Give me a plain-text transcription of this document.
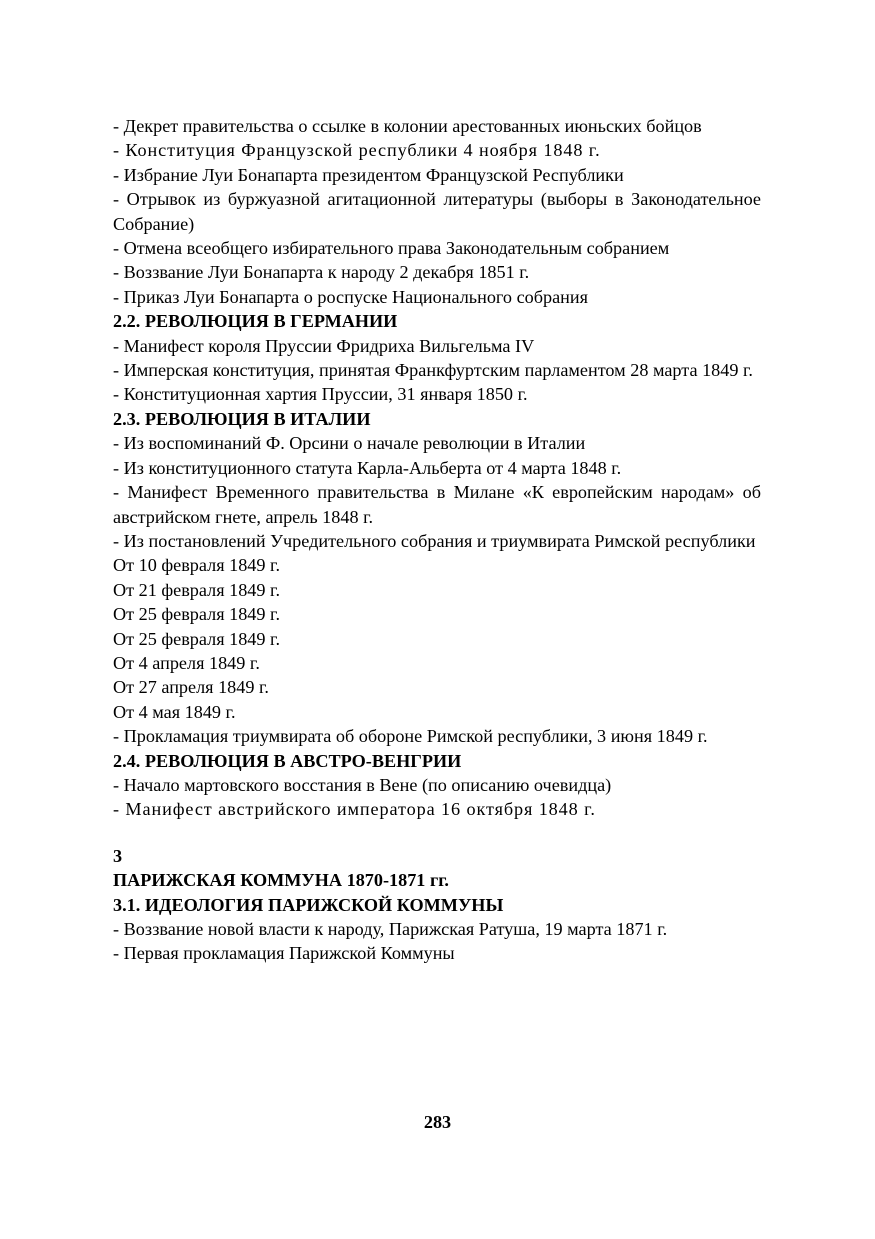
- Декрет правительства о ссылке в колонии арестованных июньских бойцов

- Конституция Французской республики 4 ноября 1848 г.

- Избрание Луи Бонапарта президентом Французской Республики

- Отрывок из буржуазной агитационной литературы (выборы в Законодательное Собрание)

- Отмена всеобщего избирательного права Законодательным собранием

- Воззвание Луи Бонапарта к народу 2 декабря 1851 г.

- Приказ Луи Бонапарта о роспуске Национального собрания

2.2. РЕВОЛЮЦИЯ В ГЕРМАНИИ

- Манифест короля Пруссии Фридриха Вильгельма IV

- Имперская конституция, принятая Франкфуртским парламентом 28 марта 1849 г.

- Конституционная хартия Пруссии, 31 января 1850 г.

2.3. РЕВОЛЮЦИЯ В ИТАЛИИ

- Из воспоминаний Ф. Орсини о начале революции в Италии

- Из конституционного статута Карла-Альберта от 4 марта 1848 г.

- Манифест Временного правительства в Милане «К европейским народам» об австрийском гнете, апрель 1848 г.

- Из постановлений Учредительного собрания и триумвирата Римской республики

От 10 февраля 1849 г.

От 21 февраля 1849 г.

От 25 февраля 1849 г.

От 25 февраля 1849 г.

От 4 апреля 1849 г.

От 27 апреля 1849 г.

От 4 мая 1849 г.

- Прокламация триумвирата об обороне Римской республики, 3 июня 1849 г.

2.4. РЕВОЛЮЦИЯ В АВСТРО-ВЕНГРИИ

- Начало мартовского восстания в Вене (по описанию очевидца)

- Манифест австрийского императора 16 октября 1848 г.

3

ПАРИЖСКАЯ КОММУНА 1870-1871 гг.

3.1. ИДЕОЛОГИЯ ПАРИЖСКОЙ КОММУНЫ

- Воззвание новой власти к народу, Парижская Ратуша, 19 марта 1871 г.

- Первая прокламация Парижской Коммуны

283
